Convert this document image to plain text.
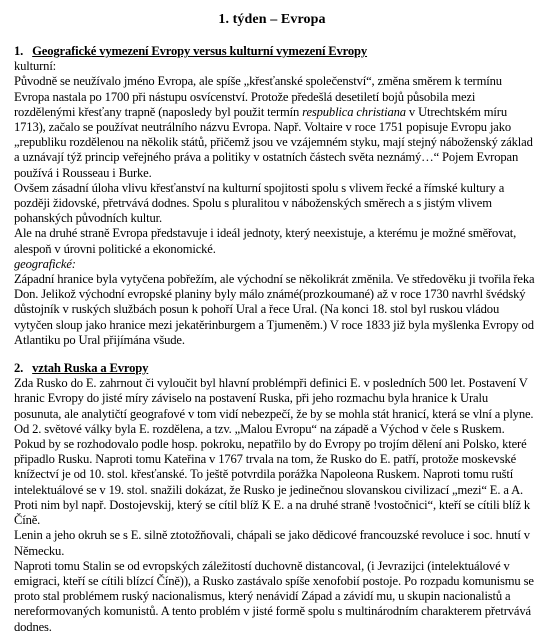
1. týden – Evropa
1. Geografické vymezení Evropy versus kulturní vymezení Evropy

kulturní:

Původně se neužívalo jméno Evropa, ale spíše „křesťanské společenství“, změna směrem k termínu Evropa nastala po 1700 při nástupu osvícenství. Protože předešlá desetiletí bojů působila mezi rozdělenými křesťany trapně (naposledy byl použit termín respublica christiana v Utrechtském míru 1713), začalo se používat neutrálního názvu Evropa. Např. Voltaire v roce 1751 popisuje Evropu jako „republiku rozdělenou na několik států, přičemž jsou ve vzájemném styku, mají stejný náboženský základ a uznávají týž princip veřejného práva a politiky v ostatních částech světa neznámý…“ Pojem Evropan používá i Rousseau i Burke.

Ovšem zásadní úloha vlivu křesťanství na kulturní spojitosti spolu s vlivem řecké a římské kultury a později židovské, přetrvává dodnes. Spolu s pluralitou v náboženských směrech a s jistým vlivem pohanských původních kultur.

Ale na druhé straně Evropa představuje i ideál jednoty, který neexistuje, a kterému je možné směřovat, alespoň v úrovni politické a ekonomické.

geografické:

Západní hranice byla vytyčena pobřežím, ale východní se několikrát změnila. Ve středověku ji tvořila řeka Don. Jelikož východní evropské planiny byly málo známé(prozkoumané) až v roce 1730 navrhl švédský důstojník v ruských službách posun k pohoří Ural a řece Ural. (Na konci 18. stol byl ruskou vládou vytyčen sloup jako hranice mezi jekatěrinburgem a Tjumeněm.) V roce 1833 již byla myšlenka Evropy od Atlantiku po Ural přijímána všude.

2. vztah Ruska a Evropy

Zda Rusko do E. zahrnout či vyloučit byl hlavní problémpři definici E. v posledních 500 let. Postavení V hranic Evropy do jisté míry záviselo na postavení Ruska, při jeho rozmachu byla hranice k Uralu posunuta, ale analytičtí geografové v tom vidí nebezpečí, že by se mohla stát hranicí, která se vlní a plyne. Od 2. světové války byla E. rozdělena, a tzv. „Malou Evropu“ na západě a Východ v čele s Ruskem.

Pokud by se rozhodovalo podle hosp. pokroku, nepatřilo by do Evropy po trojím dělení ani Polsko, které připadlo Rusku. Naproti tomu Kateřina v 1767 trvala na tom, že Rusko do E. patří, protože moskevské knížectví je od 10. stol. křesťanské. To ještě potvrdila porážka Napoleona Ruskem. Naproti tomu ruští intelektuálové se v 19. stol. snažili dokázat, že Rusko je jedinečnou slovanskou civilizací „mezi“ E. a A. Proti nim byl např. Dostojevskij, který se cítil blíž K E. a na druhé straně !vostočnici“, kteří se cítili blíž k Číně.

Lenin a jeho okruh se s E. silně ztotožňovali, chápali se jako dědicové francouzské revoluce i soc. hnutí v Německu.

Naproti tomu Stalin se od evropských záležitostí duchovně distancoval, (i Jevrazijci (intelektuálové v emigraci, kteří se cítili blízcí Číně)), a Rusko zastávalo spíše xenofobií postoje. Po rozpadu komunismu se proto stal problémem ruský nacionalismus, který nenávidí Západ a závidí mu, u skupin nacionalistů a nereformovaných komunistů. A tento problém v jisté formě spolu s multinárodním charakterem přetrvává dodnes.
